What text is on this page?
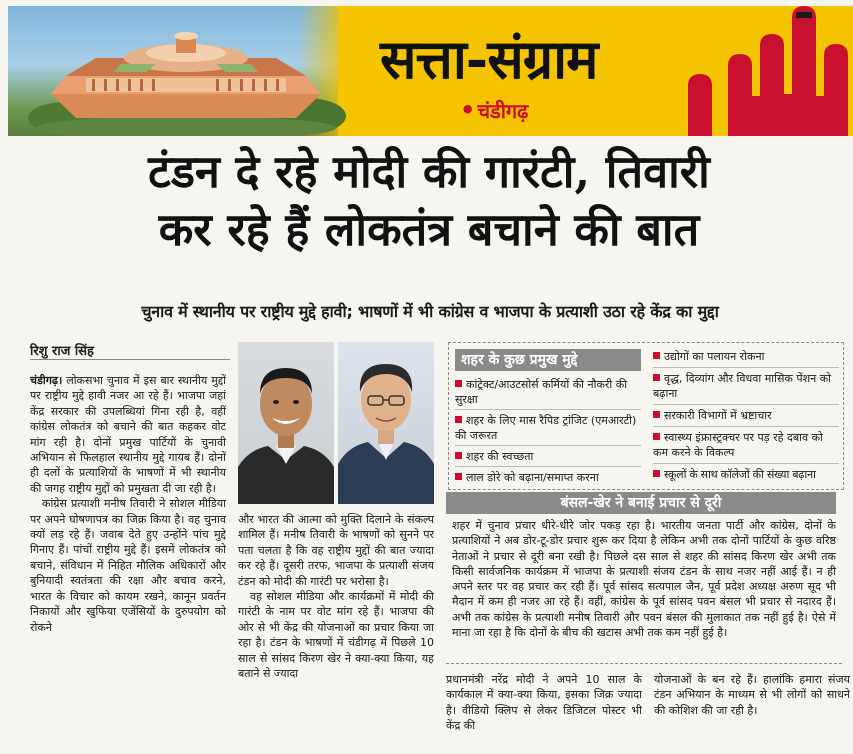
सत्ता-संग्राम
• चंडीगढ़
टंडन दे रहे मोदी की गारंटी, तिवारी
कर रहे हैं लोकतंत्र बचाने की बात
चुनाव में स्थानीय पर राष्ट्रीय मुद्दे हावी; भाषणों में भी कांग्रेस व भाजपा के प्रत्याशी उठा रहे केंद्र का मुद्दा
रिशु राज सिंह

चंडीगढ़। लोकसभा चुनाव में इस बार स्थानीय मुद्दों पर राष्ट्रीय मुद्दे हावी नजर आ रहे हैं। भाजपा जहां केंद्र सरकार की उपलब्धियां गिना रही है, वहीं कांग्रेस लोकतंत्र को बचाने की बात कहकर वोट मांग रही है। दोनों प्रमुख पार्टियों के चुनावी अभियान से फिलहाल स्थानीय मुद्दे गायब हैं। दोनों ही दलों के प्रत्याशियों के भाषणों में भी स्थानीय की जगह राष्ट्रीय मुद्दों को प्रमुखता दी जा रही है।

कांग्रेस प्रत्याशी मनीष तिवारी ने सोशल मीडिया पर अपने घोषणापत्र का जिक्र किया है। वह चुनाव क्यों लड़ रहे हैं। जवाब देते हुए उन्होंने पांच मुद्दे गिनाए हैं। पांचों राष्ट्रीय मुद्दे हैं। इसमें लोकतंत्र को बचाने, संविधान में निहित मौलिक अधिकारों और बुनियादी स्वतंत्रता की रक्षा और बचाव करने, भारत के विचार को कायम रखने, कानून प्रवर्तन निकायों और खुफिया एजेंसियों के दुरुपयोग को रोकने

और भारत की आत्मा को मुक्ति दिलाने के संकल्प शामिल हैं। मनीष तिवारी के भाषणों को सुनने पर पता चलता है कि वह राष्ट्रीय मुद्दों की बात ज्यादा कर रहे हैं। दूसरी तरफ, भाजपा के प्रत्याशी संजय टंडन को मोदी की गारंटी पर भरोसा है।

वह सोशल मीडिया और कार्यक्रमों में मोदी की गारंटी के नाम पर वोट मांग रहे हैं। भाजपा की ओर से भी केंद्र की योजनाओं का प्रचार किया जा रहा है। टंडन के भाषणों में चंडीगढ़ में पिछले 10 साल से सांसद किरण खेर ने क्या-क्या किया, यह बताने से ज्यादा

शहर के कुछ प्रमुख मुद्दे
कांट्रेक्ट/आउटसोर्स कर्मियों की नौकरी की सुरक्षा
शहर के लिए मास रैपिड ट्रांजिट (एमआरटी) की जरूरत
शहर की स्वच्छता
लाल डोरे को बढ़ाना/समाप्त करना
उद्योगों का पलायन रोकना
वृद्ध, दिव्यांग और विधवा मासिक पेंशन को बढ़ाना
सरकारी विभागों में भ्रष्टाचार
स्वास्थ्य इंफ्रास्ट्रक्चर पर पड़ रहे दबाव को कम करने के विकल्प
स्कूलों के साथ कॉलेजों की संख्या बढ़ाना
बंसल-खेर ने बनाई प्रचार से दूरी

शहर में चुनाव प्रचार धीरे-धीरे जोर पकड़ रहा है। भारतीय जनता पार्टी और कांग्रेस, दोनों के प्रत्याशियों ने अब डोर-टू-डोर प्रचार शुरू कर दिया है लेकिन अभी तक दोनों पार्टियों के कुछ वरिष्ठ नेताओं ने प्रचार से दूरी बना रखी है। पिछले दस साल से शहर की सांसद किरण खेर अभी तक किसी सार्वजनिक कार्यक्रम में भाजपा के प्रत्याशी संजय टंडन के साथ नजर नहीं आई हैं। न ही अपने स्तर पर वह प्रचार कर रही हैं। पूर्व सांसद सत्यपाल जैन, पूर्व प्रदेश अध्यक्ष अरुण सूद भी मैदान में कम ही नजर आ रहे हैं। वहीं, कांग्रेस के पूर्व सांसद पवन बंसल भी प्रचार से नदारद हैं। अभी तक कांग्रेस के प्रत्याशी मनीष तिवारी और पवन बंसल की मुलाकात तक नहीं हुई है। ऐसे में माना जा रहा है कि दोनों के बीच की खटास अभी तक कम नहीं हुई है।

प्रधानमंत्री नरेंद्र मोदी ने अपने 10 साल के कार्यकाल में क्या-क्या किया, इसका जिक्र ज्यादा है। वीडियो क्लिप से लेकर डिजिटल पोस्टर भी केंद्र की

योजनाओं के बन रहे हैं। हालांकि हमारा संजय टंडन अभियान के माध्यम से भी लोगों को साधने की कोशिश की जा रही है।
